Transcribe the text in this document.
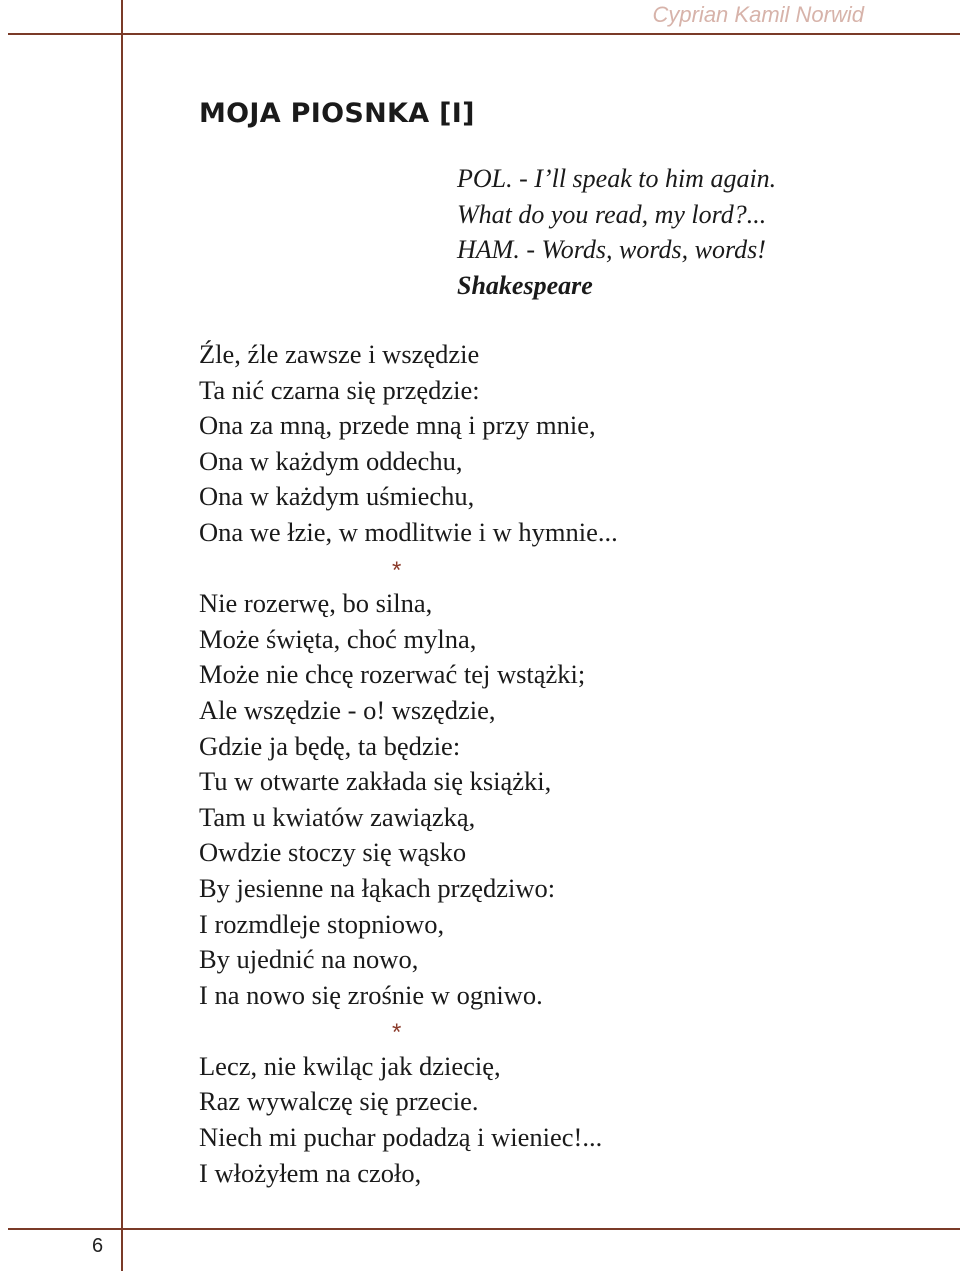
Cyprian Kamil Norwid
MOJA PIOSNKA [I]
POL. - I’ll speak to him again.
What do you read, my lord?...
HAM. - Words, words, words!
Shakespeare
Źle, źle zawsze i wszędzie
Ta nić czarna się przędzie:
Ona za mną, przede mną i przy mnie,
Ona w każdym oddechu,
Ona w każdym uśmiechu,
Ona we łzie, w modlitwie i w hymnie...
*
Nie rozerwę, bo silna,
Może święta, choć mylna,
Może nie chcę rozerwać tej wstążki;
Ale wszędzie - o! wszędzie,
Gdzie ja będę, ta będzie:
Tu w otwarte zakłada się książki,
Tam u kwiatów zawiązką,
Owdzie stoczy się wąsko
By jesienne na łąkach przędziwo:
I rozmdleje stopniowo,
By ujednić na nowo,
I na nowo się zrośnie w ogniwo.
*
Lecz, nie kwiląc jak dziecię,
Raz wywalczę się przecie.
Niech mi puchar podadzą i wieniec!...
I włożyłem na czoło,
6
